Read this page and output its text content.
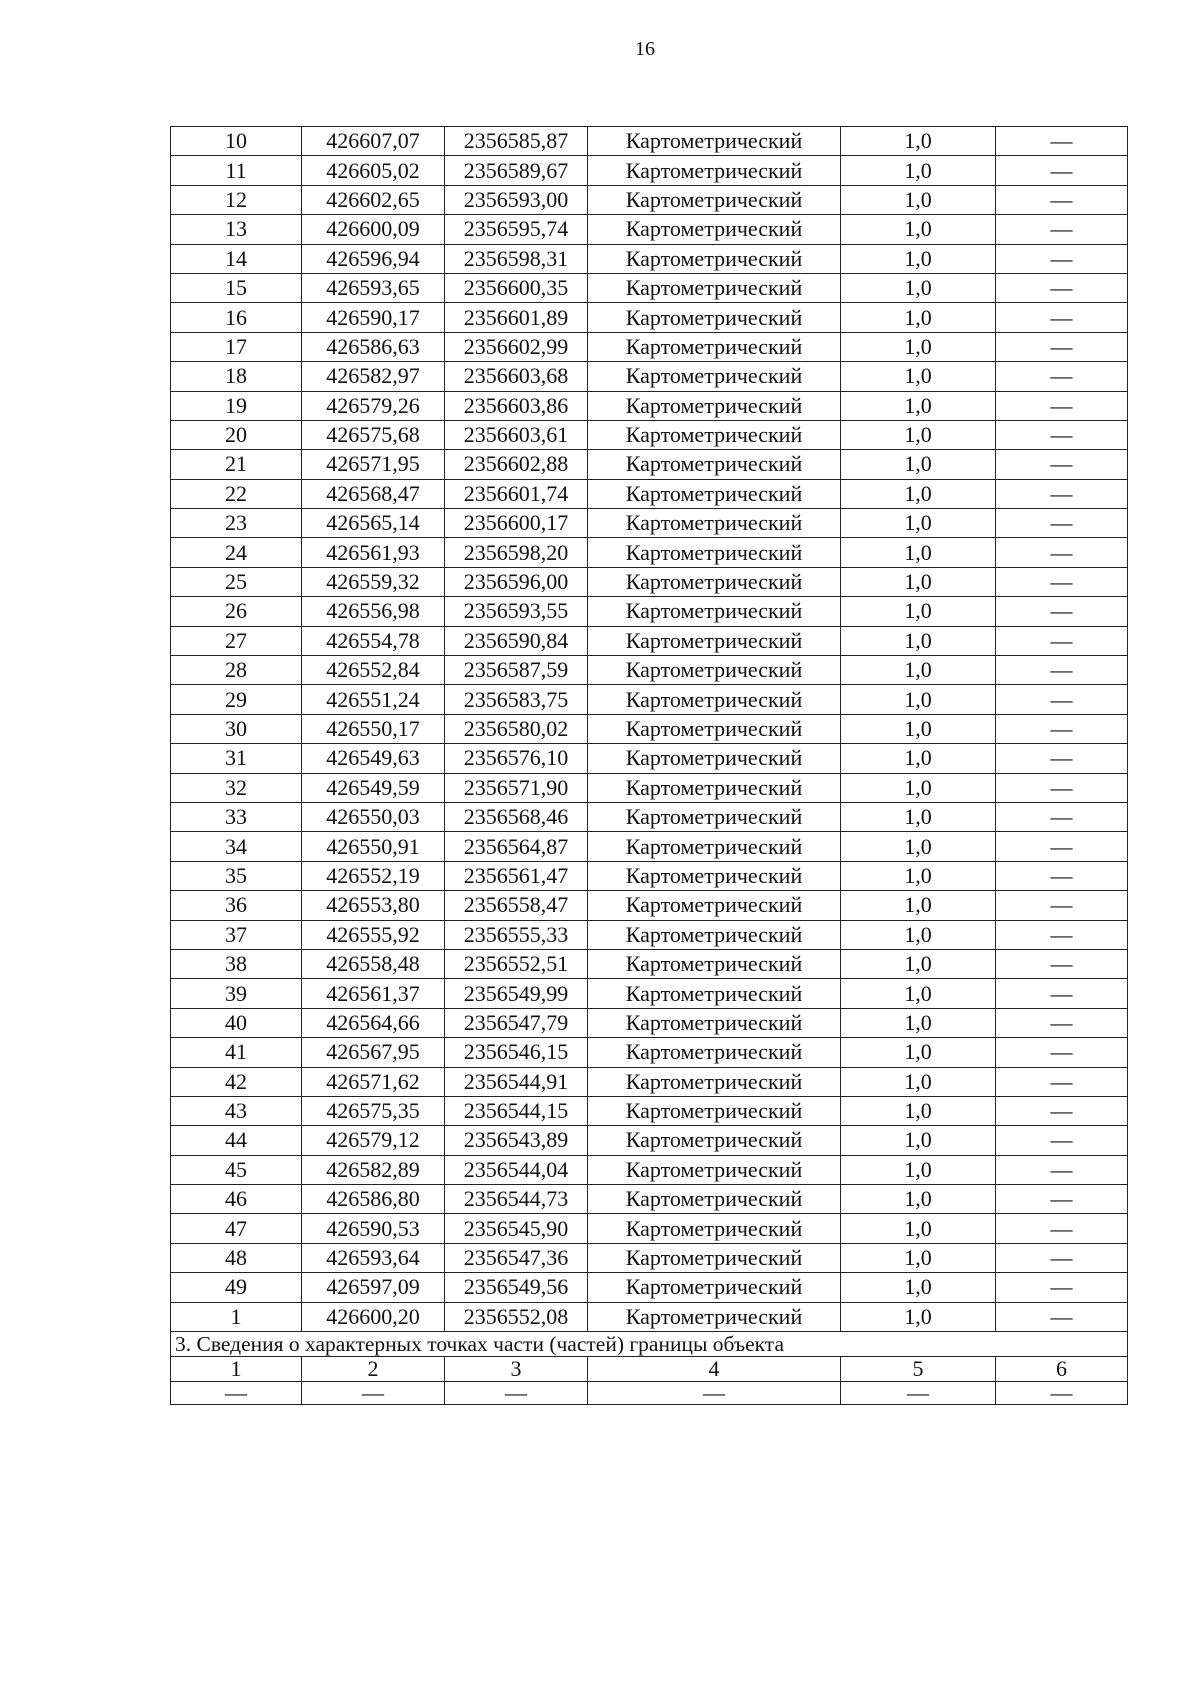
16
10	426607,07	2356585,87	Картометрический	1,0	—
11	426605,02	2356589,67	Картометрический	1,0	—
12	426602,65	2356593,00	Картометрический	1,0	—
13	426600,09	2356595,74	Картометрический	1,0	—
14	426596,94	2356598,31	Картометрический	1,0	—
15	426593,65	2356600,35	Картометрический	1,0	—
16	426590,17	2356601,89	Картометрический	1,0	—
17	426586,63	2356602,99	Картометрический	1,0	—
18	426582,97	2356603,68	Картометрический	1,0	—
19	426579,26	2356603,86	Картометрический	1,0	—
20	426575,68	2356603,61	Картометрический	1,0	—
21	426571,95	2356602,88	Картометрический	1,0	—
22	426568,47	2356601,74	Картометрический	1,0	—
23	426565,14	2356600,17	Картометрический	1,0	—
24	426561,93	2356598,20	Картометрический	1,0	—
25	426559,32	2356596,00	Картометрический	1,0	—
26	426556,98	2356593,55	Картометрический	1,0	—
27	426554,78	2356590,84	Картометрический	1,0	—
28	426552,84	2356587,59	Картометрический	1,0	—
29	426551,24	2356583,75	Картометрический	1,0	—
30	426550,17	2356580,02	Картометрический	1,0	—
31	426549,63	2356576,10	Картометрический	1,0	—
32	426549,59	2356571,90	Картометрический	1,0	—
33	426550,03	2356568,46	Картометрический	1,0	—
34	426550,91	2356564,87	Картометрический	1,0	—
35	426552,19	2356561,47	Картометрический	1,0	—
36	426553,80	2356558,47	Картометрический	1,0	—
37	426555,92	2356555,33	Картометрический	1,0	—
38	426558,48	2356552,51	Картометрический	1,0	—
39	426561,37	2356549,99	Картометрический	1,0	—
40	426564,66	2356547,79	Картометрический	1,0	—
41	426567,95	2356546,15	Картометрический	1,0	—
42	426571,62	2356544,91	Картометрический	1,0	—
43	426575,35	2356544,15	Картометрический	1,0	—
44	426579,12	2356543,89	Картометрический	1,0	—
45	426582,89	2356544,04	Картометрический	1,0	—
46	426586,80	2356544,73	Картометрический	1,0	—
47	426590,53	2356545,90	Картометрический	1,0	—
48	426593,64	2356547,36	Картометрический	1,0	—
49	426597,09	2356549,56	Картометрический	1,0	—
1	426600,20	2356552,08	Картометрический	1,0	—
3. Сведения о характерных точках части (частей) границы объекта					
1	2	3	4	5	6
—	—	—	—	—	—
